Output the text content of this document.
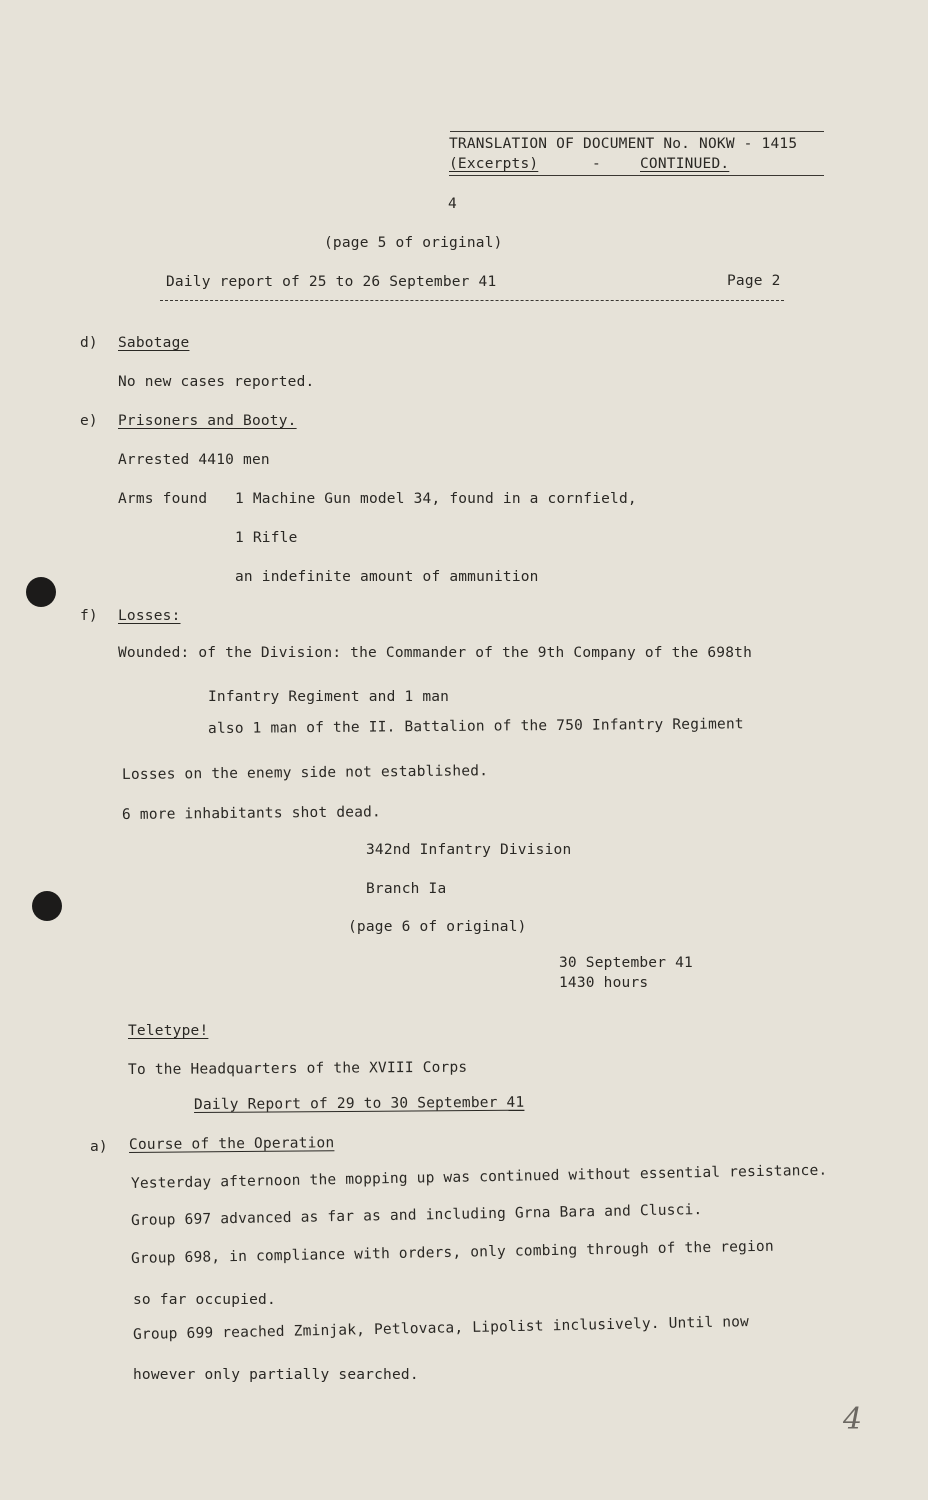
TRANSLATION OF DOCUMENT No. NOKW - 1415
(Excerpts)	-	CONTINUED.
4
(page 5 of original)
Daily report of 25 to 26 September 41	Page 2
d) Sabotage
No new cases reported.
e) Prisoners and Booty.
Arrested 4410 men
Arms found 1 Machine Gun model 34, found in a cornfield,
1 Rifle
an indefinite amount of ammunition
f) Losses:
Wounded: of the Division: the Commander of the 9th Company of the 698th
Infantry Regiment and 1 man
also 1 man of the II. Battalion of the 750 Infantry Regiment
Losses on the enemy side not established.
6 more inhabitants shot dead.
342nd Infantry Division
Branch Ia
(page 6 of original)
30 September 41
1430 hours
Teletype!
To the Headquarters of the XVIII Corps
Daily Report of 29 to 30 September 41
a) Course of the Operation
Yesterday afternoon the mopping up was continued without essential resistance.
Group 697 advanced as far as and including Grna Bara and Clusci.
Group 698, in compliance with orders, only combing through of the region
so far occupied.
Group 699 reached Zminjak, Petlovaca, Lipolist inclusively. Until now
however only partially searched.
4
